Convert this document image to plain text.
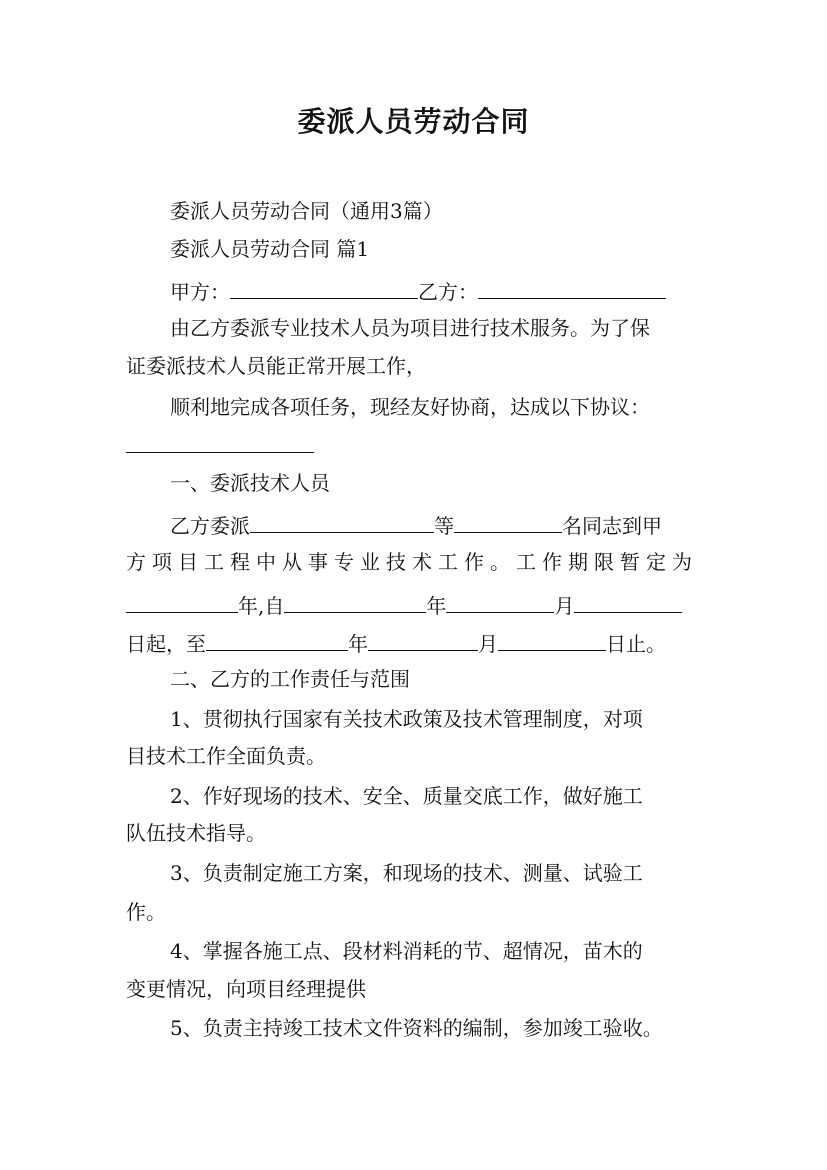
委派人员劳动合同
委派人员劳动合同（通用3篇）
委派人员劳动合同 篇1
甲方：	乙方：
由乙方委派专业技术人员为项目进行技术服务。为了保
证委派技术人员能正常开展工作，
顺利地完成各项任务，现经友好协商，达成以下协议：
一、委派技术人员
乙方委派	等	名同志到甲
方项目工程中从事专业技术工作。工作期限暂定为
年,自	年	月
日起，至	年	月	日止。
二、乙方的工作责任与范围
1、贯彻执行国家有关技术政策及技术管理制度，对项
目技术工作全面负责。
2、作好现场的技术、安全、质量交底工作，做好施工
队伍技术指导。
3、负责制定施工方案，和现场的技术、测量、试验工
作。
4、掌握各施工点、段材料消耗的节、超情况，苗木的
变更情况，向项目经理提供
5、负责主持竣工技术文件资料的编制，参加竣工验收。
